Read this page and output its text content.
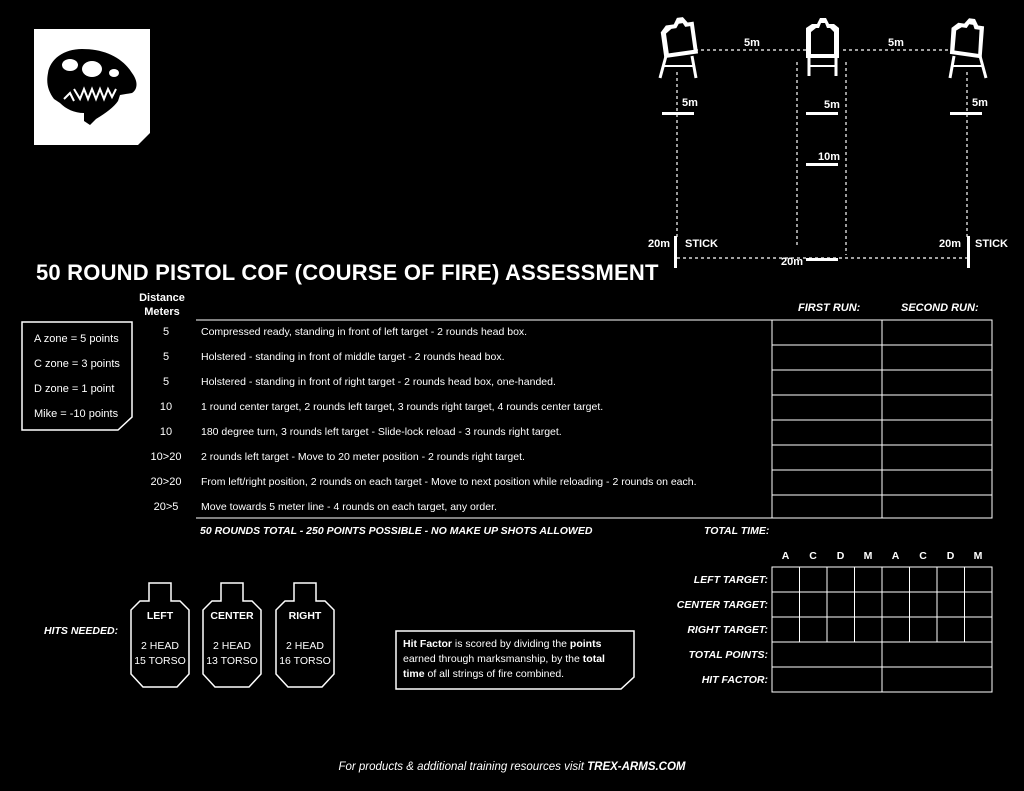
5m	5m
5m	5m	5m
10m
20m STICK	20m STICK
20m
50 ROUND PISTOL COF (COURSE OF FIRE) ASSESSMENT
Distance
Meters	FIRST RUN:	SECOND RUN:
A zone = 5 points
C zone = 3 points
D zone = 1 point
Mike = -10 points
5	Compressed ready, standing in front of left target - 2 rounds head box.
5	Holstered - standing in front of middle target - 2 rounds head box.
5	Holstered - standing in front of right target - 2 rounds head box, one-handed.
10	1 round center target, 2 rounds left target, 3 rounds right target, 4 rounds center target.
10	180 degree turn, 3 rounds left target - Slide-lock reload - 3 rounds right target.
10>20 2 rounds left target - Move to 20 meter position - 2 rounds right target.
20>20 From left/right position, 2 rounds on each target - Move to next position while reloading - 2 rounds on each.
20>5	Move towards 5 meter line - 4 rounds on each target, any order.
50 ROUNDS TOTAL - 250 POINTS POSSIBLE - NO MAKE UP SHOTS ALLOWED	TOTAL TIME:
A	C	D	M	A	C	D	M
LEFT TARGET:
CENTER TARGET:
RIGHT TARGET:
TOTAL POINTS:
HIT FACTOR:
HITS NEEDED:
LEFT
2 HEAD
15 TORSO
CENTER
2 HEAD
13 TORSO
RIGHT
2 HEAD
16 TORSO
Hit Factor is scored by dividing the points earned through marksmanship, by the total time of all strings of fire combined.
For products & additional training resources visit TREX-ARMS.COM
